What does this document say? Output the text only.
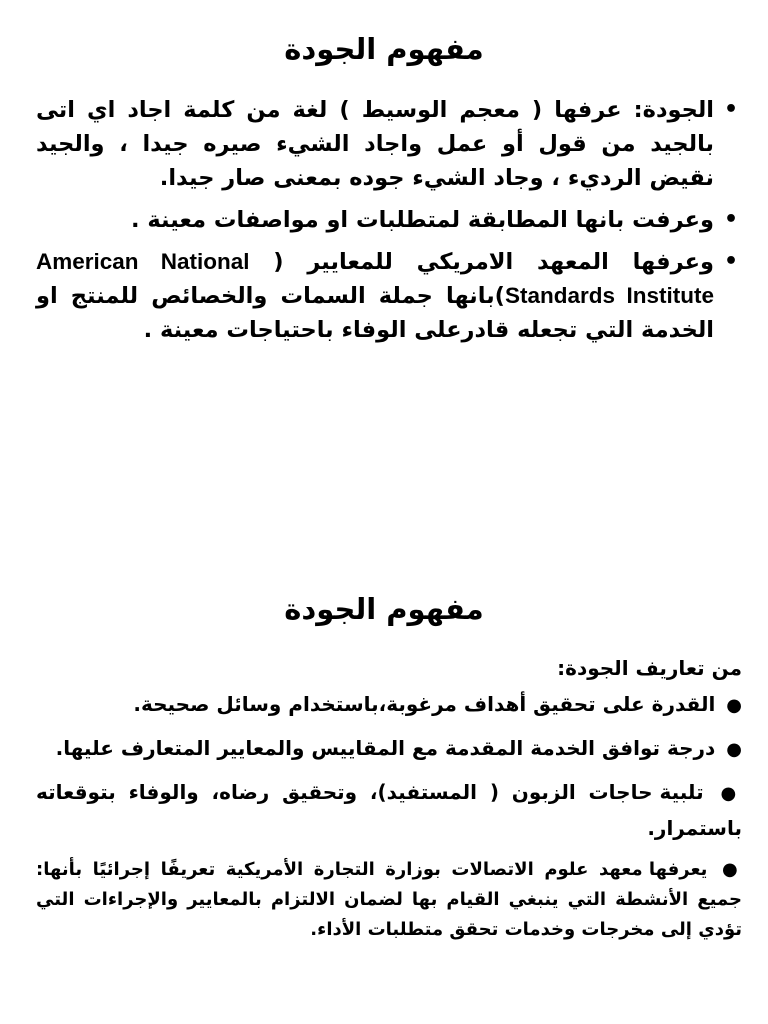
مفهوم الجودة
•
الجودة: عرفها ( معجم الوسيط ) لغة من كلمة اجاد اي اتى بالجيد من قول أو عمل واجاد الشيء صيره جيدا ، والجيد نقيض الرديء ، وجاد الشيء جوده بمعنى صار جيدا.
•
وعرفت بانها المطابقة لمتطلبات او مواصفات معينة .
•
وعرفها المعهد الامريكي للمعايير ( American National Standards Institute)بانها جملة السمات والخصائص للمنتج او الخدمة التي تجعله قادرعلى الوفاء باحتياجات معينة .
مفهوم الجودة
من تعاريف الجودة:
● القدرة على تحقيق أهداف مرغوبة،باستخدام وسائل صحيحة.
● درجة توافق الخدمة المقدمة مع المقاييس والمعايير المتعارف عليها.
● تلبية حاجات الزبون ( المستفيد)، وتحقيق رضاه، والوفاء بتوقعاته باستمرار.
● يعرفها معهد علوم الاتصالات بوزارة التجارة الأمريكية تعريفًا إجرائيًا بأنها: جميع الأنشطة التي ينبغي القيام بها لضمان الالتزام بالمعايير والإجراءات التي تؤدي إلى مخرجات وخدمات تحقق متطلبات الأداء.
